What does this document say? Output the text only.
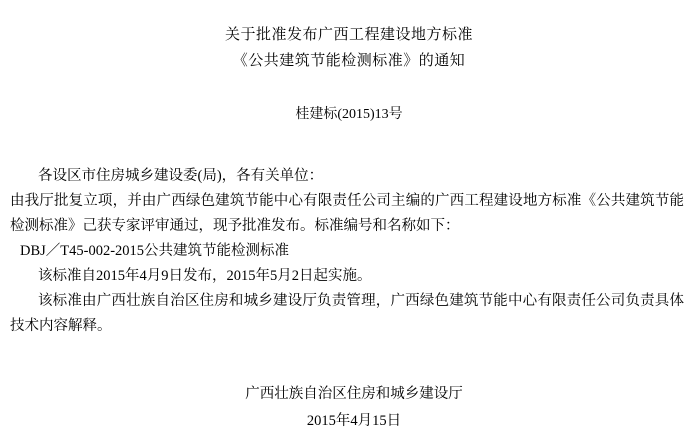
关于批准发布广西工程建设地方标准
《公共建筑节能检测标准》的通知
桂建标(2015)13号
各设区市住房城乡建设委(局)，各有关单位：
由我厅批复立项，并由广西绿色建筑节能中心有限责任公司主编的广西工程建设地方标准《公共建筑节能检测标准》己获专家评审通过，现予批准发布。标准编号和名称如下：
DBJ／T45-002-2015公共建筑节能检测标准
该标准自2015年4月9日发布，2015年5月2日起实施。
该标准由广西壮族自治区住房和城乡建设厅负责管理，广西绿色建筑节能中心有限责任公司负责具体技术内容解释。
广西壮族自治区住房和城乡建设厅
2015年4月15日
